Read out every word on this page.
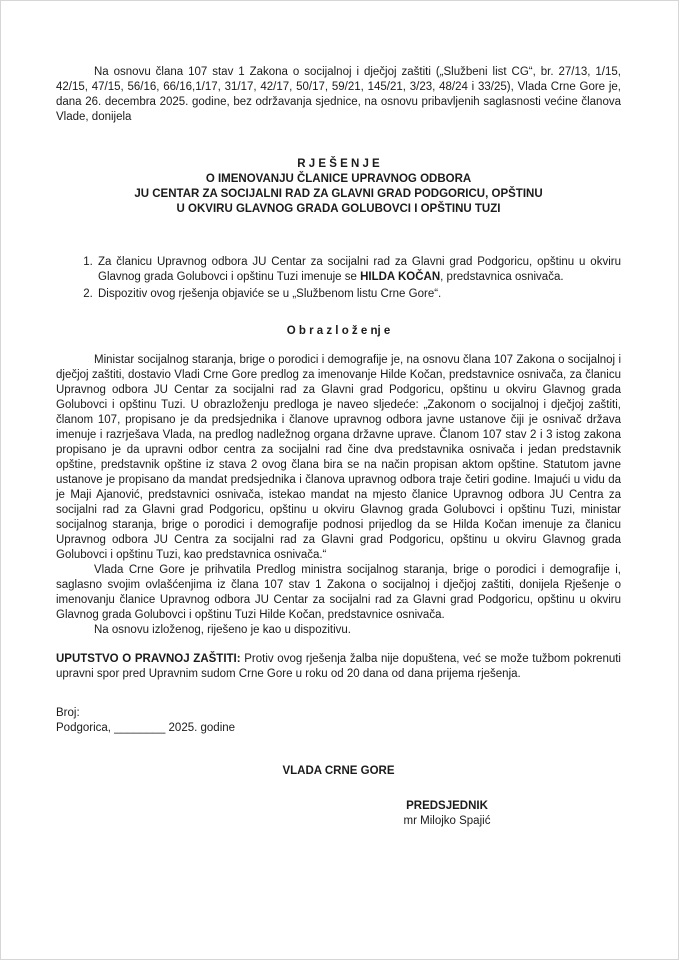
Na osnovu člana 107 stav 1 Zakona o socijalnoj i dječjoj zaštiti („Službeni list CG“, br. 27/13, 1/15, 42/15, 47/15, 56/16, 66/16,1/17, 31/17, 42/17, 50/17, 59/21, 145/21, 3/23, 48/24 i 33/25), Vlada Crne Gore je, dana 26. decembra 2025. godine, bez održavanja sjednice, na osnovu pribavljenih saglasnosti većine članova Vlade, donijela

R J E Š E N J E
O IMENOVANJU ČLANICE UPRAVNOG ODBORA
JU CENTAR ZA SOCIJALNI RAD ZA GLAVNI GRAD PODGORICU, OPŠTINU
U OKVIRU GLAVNOG GRADA GOLUBOVCI I OPŠTINU TUZI
1. Za članicu Upravnog odbora JU Centar za socijalni rad za Glavni grad Podgoricu, opštinu u okviru Glavnog grada Golubovci i opštinu Tuzi imenuje se HILDA KOČAN, predstavnica osnivača.
2. Dispozitiv ovog rješenja objaviće se u „Službenom listu Crne Gore“.
O b r a z l o ž e nj e

Ministar socijalnog staranja, brige o porodici i demografije je, na osnovu člana 107 Zakona o socijalnoj i dječjoj zaštiti, dostavio Vladi Crne Gore predlog za imenovanje Hilde Kočan, predstavnice osnivača, za članicu Upravnog odbora JU Centar za socijalni rad za Glavni grad Podgoricu, opštinu u okviru Glavnog grada Golubovci i opštinu Tuzi. U obrazloženju predloga je naveo sljedeće: „Zakonom o socijalnoj i dječjoj zaštiti, članom 107, propisano je da predsjednika i članove upravnog odbora javne ustanove čiji je osnivač država imenuje i razrješava Vlada, na predlog nadležnog organa državne uprave. Članom 107 stav 2 i 3 istog zakona propisano je da upravni odbor centra za socijalni rad čine dva predstavnika osnivača i jedan predstavnik opštine, predstavnik opštine iz stava 2 ovog člana bira se na način propisan aktom opštine. Statutom javne ustanove je propisano da mandat predsjednika i članova upravnog odbora traje četiri godine. Imajući u vidu da je Maji Ajanović, predstavnici osnivača, istekao mandat na mjesto članice Upravnog odbora JU Centra za socijalni rad za Glavni grad Podgoricu, opštinu u okviru Glavnog grada Golubovci i opštinu Tuzi, ministar socijalnog staranja, brige o porodici i demografije podnosi prijedlog da se Hilda Kočan imenuje za članicu Upravnog odbora JU Centra za socijalni rad za Glavni grad Podgoricu, opštinu u okviru Glavnog grada Golubovci i opštinu Tuzi, kao predstavnica osnivača.“

Vlada Crne Gore je prihvatila Predlog ministra socijalnog staranja, brige o porodici i demografije i, saglasno svojim ovlašćenjima iz člana 107 stav 1 Zakona o socijalnoj i dječjoj zaštiti, donijela Rješenje o imenovanju članice Upravnog odbora JU Centar za socijalni rad za Glavni grad Podgoricu, opštinu u okviru Glavnog grada Golubovci i opštinu Tuzi Hilde Kočan, predstavnice osnivača.

Na osnovu izloženog, riješeno je kao u dispozitivu.

UPUTSTVO O PRAVNOJ ZAŠTITI: Protiv ovog rješenja žalba nije dopuštena, već se može tužbom pokrenuti upravni spor pred Upravnim sudom Crne Gore u roku od 20 dana od dana prijema rješenja.

Broj:
Podgorica, ________ 2025. godine
VLADA CRNE GORE
PREDSJEDNIK
mr Milojko Spajić
